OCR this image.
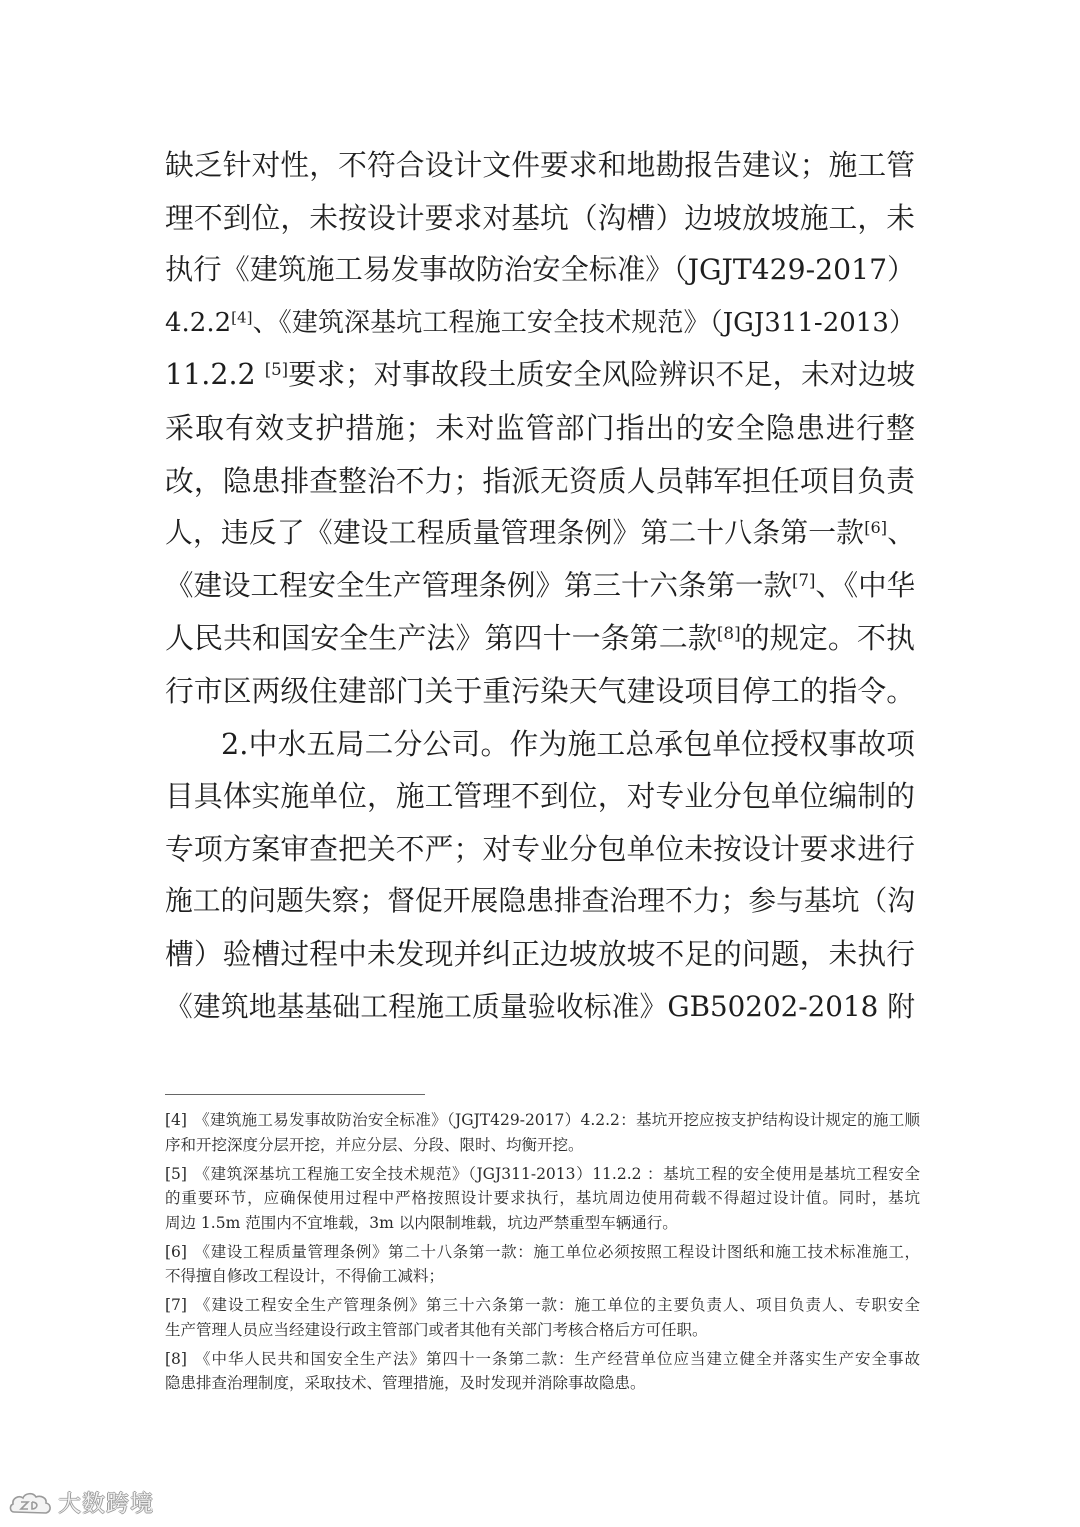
缺乏针对性，不符合设计文件要求和地勘报告建议；施工管
理不到位，未按设计要求对基坑（沟槽）边坡放坡施工，未
执行《建筑施工易发事故防治安全标准》（JGJT429-2017）
4.2.2[4]、《建筑深基坑工程施工安全技术规范》（JGJ311-2013）
11.2.2 [5]要求；对事故段土质安全风险辨识不足，未对边坡
采取有效支护措施；未对监管部门指出的安全隐患进行整
改，隐患排查整治不力；指派无资质人员韩军担任项目负责
人，违反了《建设工程质量管理条例》第二十八条第一款[6]、
《建设工程安全生产管理条例》第三十六条第一款[7]、《中华
人民共和国安全生产法》第四十一条第二款[8]的规定。不执
行市区两级住建部门关于重污染天气建设项目停工的指令。
2.中水五局二分公司。作为施工总承包单位授权事故项
目具体实施单位，施工管理不到位，对专业分包单位编制的
专项方案审查把关不严；对专业分包单位未按设计要求进行
施工的问题失察；督促开展隐患排查治理不力；参与基坑（沟
槽）验槽过程中未发现并纠正边坡放坡不足的问题，未执行
《建筑地基基础工程施工质量验收标准》GB50202-2018 附
[4] 《建筑施工易发事故防治安全标准》（JGJT429-2017）4.2.2：基坑开挖应按支护结构设计规定的施工顺
序和开挖深度分层开挖，并应分层、分段、限时、均衡开挖。
[5] 《建筑深基坑工程施工安全技术规范》（JGJ311-2013）11.2.2 ：基坑工程的安全使用是基坑工程安全
的重要环节，应确保使用过程中严格按照设计要求执行，基坑周边使用荷载不得超过设计值。同时，基坑
周边 1.5m 范围内不宜堆载，3m 以内限制堆载，坑边严禁重型车辆通行。
[6] 《建设工程质量管理条例》第二十八条第一款：施工单位必须按照工程设计图纸和施工技术标准施工，
不得擅自修改工程设计，不得偷工减料；
[7] 《建设工程安全生产管理条例》第三十六条第一款：施工单位的主要负责人、项目负责人、专职安全
生产管理人员应当经建设行政主管部门或者其他有关部门考核合格后方可任职。
[8] 《中华人民共和国安全生产法》第四十一条第二款：生产经营单位应当建立健全并落实生产安全事故
隐患排查治理制度，采取技术、管理措施，及时发现并消除事故隐患。
大数跨境
